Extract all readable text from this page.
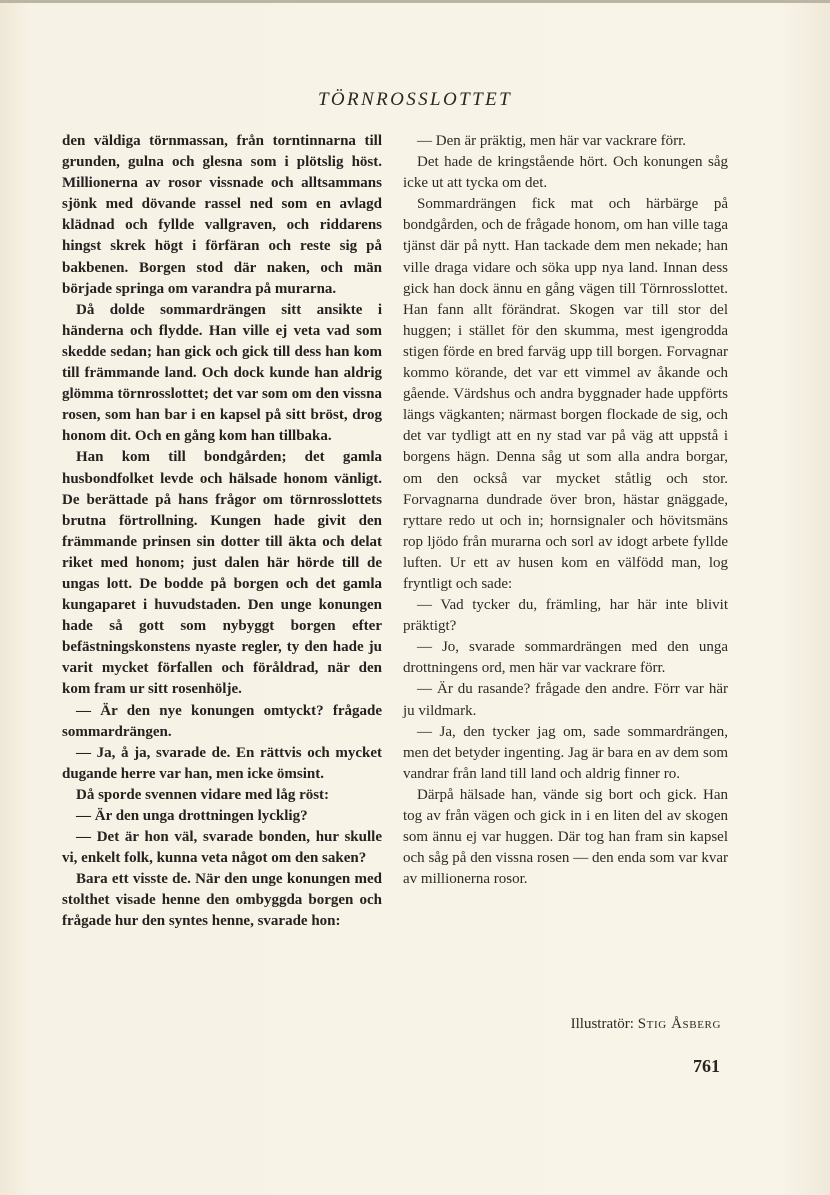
TÖRNROSSLOTTET

den väldiga törnmassan, från torntinnarna till grunden, gulna och glesna som i plötslig höst. Millionerna av rosor vissnade och alltsammans sjönk med dövande rassel ned som en avlagd klädnad och fyllde vallgraven, och riddarens hingst skrek högt i förfäran och reste sig på bakbenen. Borgen stod där naken, och män började springa om varandra på murarna.

Då dolde sommardrängen sitt ansikte i händerna och flydde. Han ville ej veta vad som skedde sedan; han gick och gick till dess han kom till främmande land. Och dock kunde han aldrig glömma törnrosslottet; det var som om den vissna rosen, som han bar i en kapsel på sitt bröst, drog honom dit. Och en gång kom han tillbaka.

Han kom till bondgården; det gamla husbondfolket levde och hälsade honom vänligt. De berättade på hans frågor om törnrosslottets brutna förtrollning. Kungen hade givit den främmande prinsen sin dotter till äkta och delat riket med honom; just dalen här hörde till de ungas lott. De bodde på borgen och det gamla kungaparet i huvudstaden. Den unge konungen hade så gott som nybyggt borgen efter befästningskonstens nyaste regler, ty den hade ju varit mycket förfallen och föråldrad, när den kom fram ur sitt rosenhölje.

— Är den nye konungen omtyckt? frågade sommardrängen.

— Ja, å ja, svarade de. En rättvis och mycket dugande herre var han, men icke ömsint.

Då sporde svennen vidare med låg röst:

— Är den unga drottningen lycklig?

— Det är hon väl, svarade bonden, hur skulle vi, enkelt folk, kunna veta något om den saken?

Bara ett visste de. När den unge konungen med stolthet visade henne den ombyggda borgen och frågade hur den syntes henne, svarade hon:

— Den är präktig, men här var vackrare förr.

Det hade de kringstående hört. Och konungen såg icke ut att tycka om det.

Sommardrängen fick mat och härbärge på bondgården, och de frågade honom, om han ville taga tjänst där på nytt. Han tackade dem men nekade; han ville draga vidare och söka upp nya land. Innan dess gick han dock ännu en gång vägen till Törnrosslottet. Han fann allt förändrat. Skogen var till stor del huggen; i stället för den skumma, mest igengrodda stigen förde en bred farväg upp till borgen. Forvagnar kommo körande, det var ett vimmel av åkande och gående. Värdshus och andra byggnader hade uppförts längs vägkanten; närmast borgen flockade de sig, och det var tydligt att en ny stad var på väg att uppstå i borgens hägn. Denna såg ut som alla andra borgar, om den också var mycket ståtlig och stor. Forvagnarna dundrade över bron, hästar gnäggade, ryttare redo ut och in; hornsignaler och hövitsmäns rop ljödo från murarna och sorl av idogt arbete fyllde luften. Ur ett av husen kom en välfödd man, log fryntligt och sade:

— Vad tycker du, främling, har här inte blivit präktigt?

— Jo, svarade sommardrängen med den unga drottningens ord, men här var vackrare förr.

— Är du rasande? frågade den andre. Förr var här ju vildmark.

— Ja, den tycker jag om, sade sommardrängen, men det betyder ingenting. Jag är bara en av dem som vandrar från land till land och aldrig finner ro.

Därpå hälsade han, vände sig bort och gick. Han tog av från vägen och gick in i en liten del av skogen som ännu ej var huggen. Där tog han fram sin kapsel och såg på den vissna rosen — den enda som var kvar av millionerna rosor.

Illustratör: Stig Åsberg
761
